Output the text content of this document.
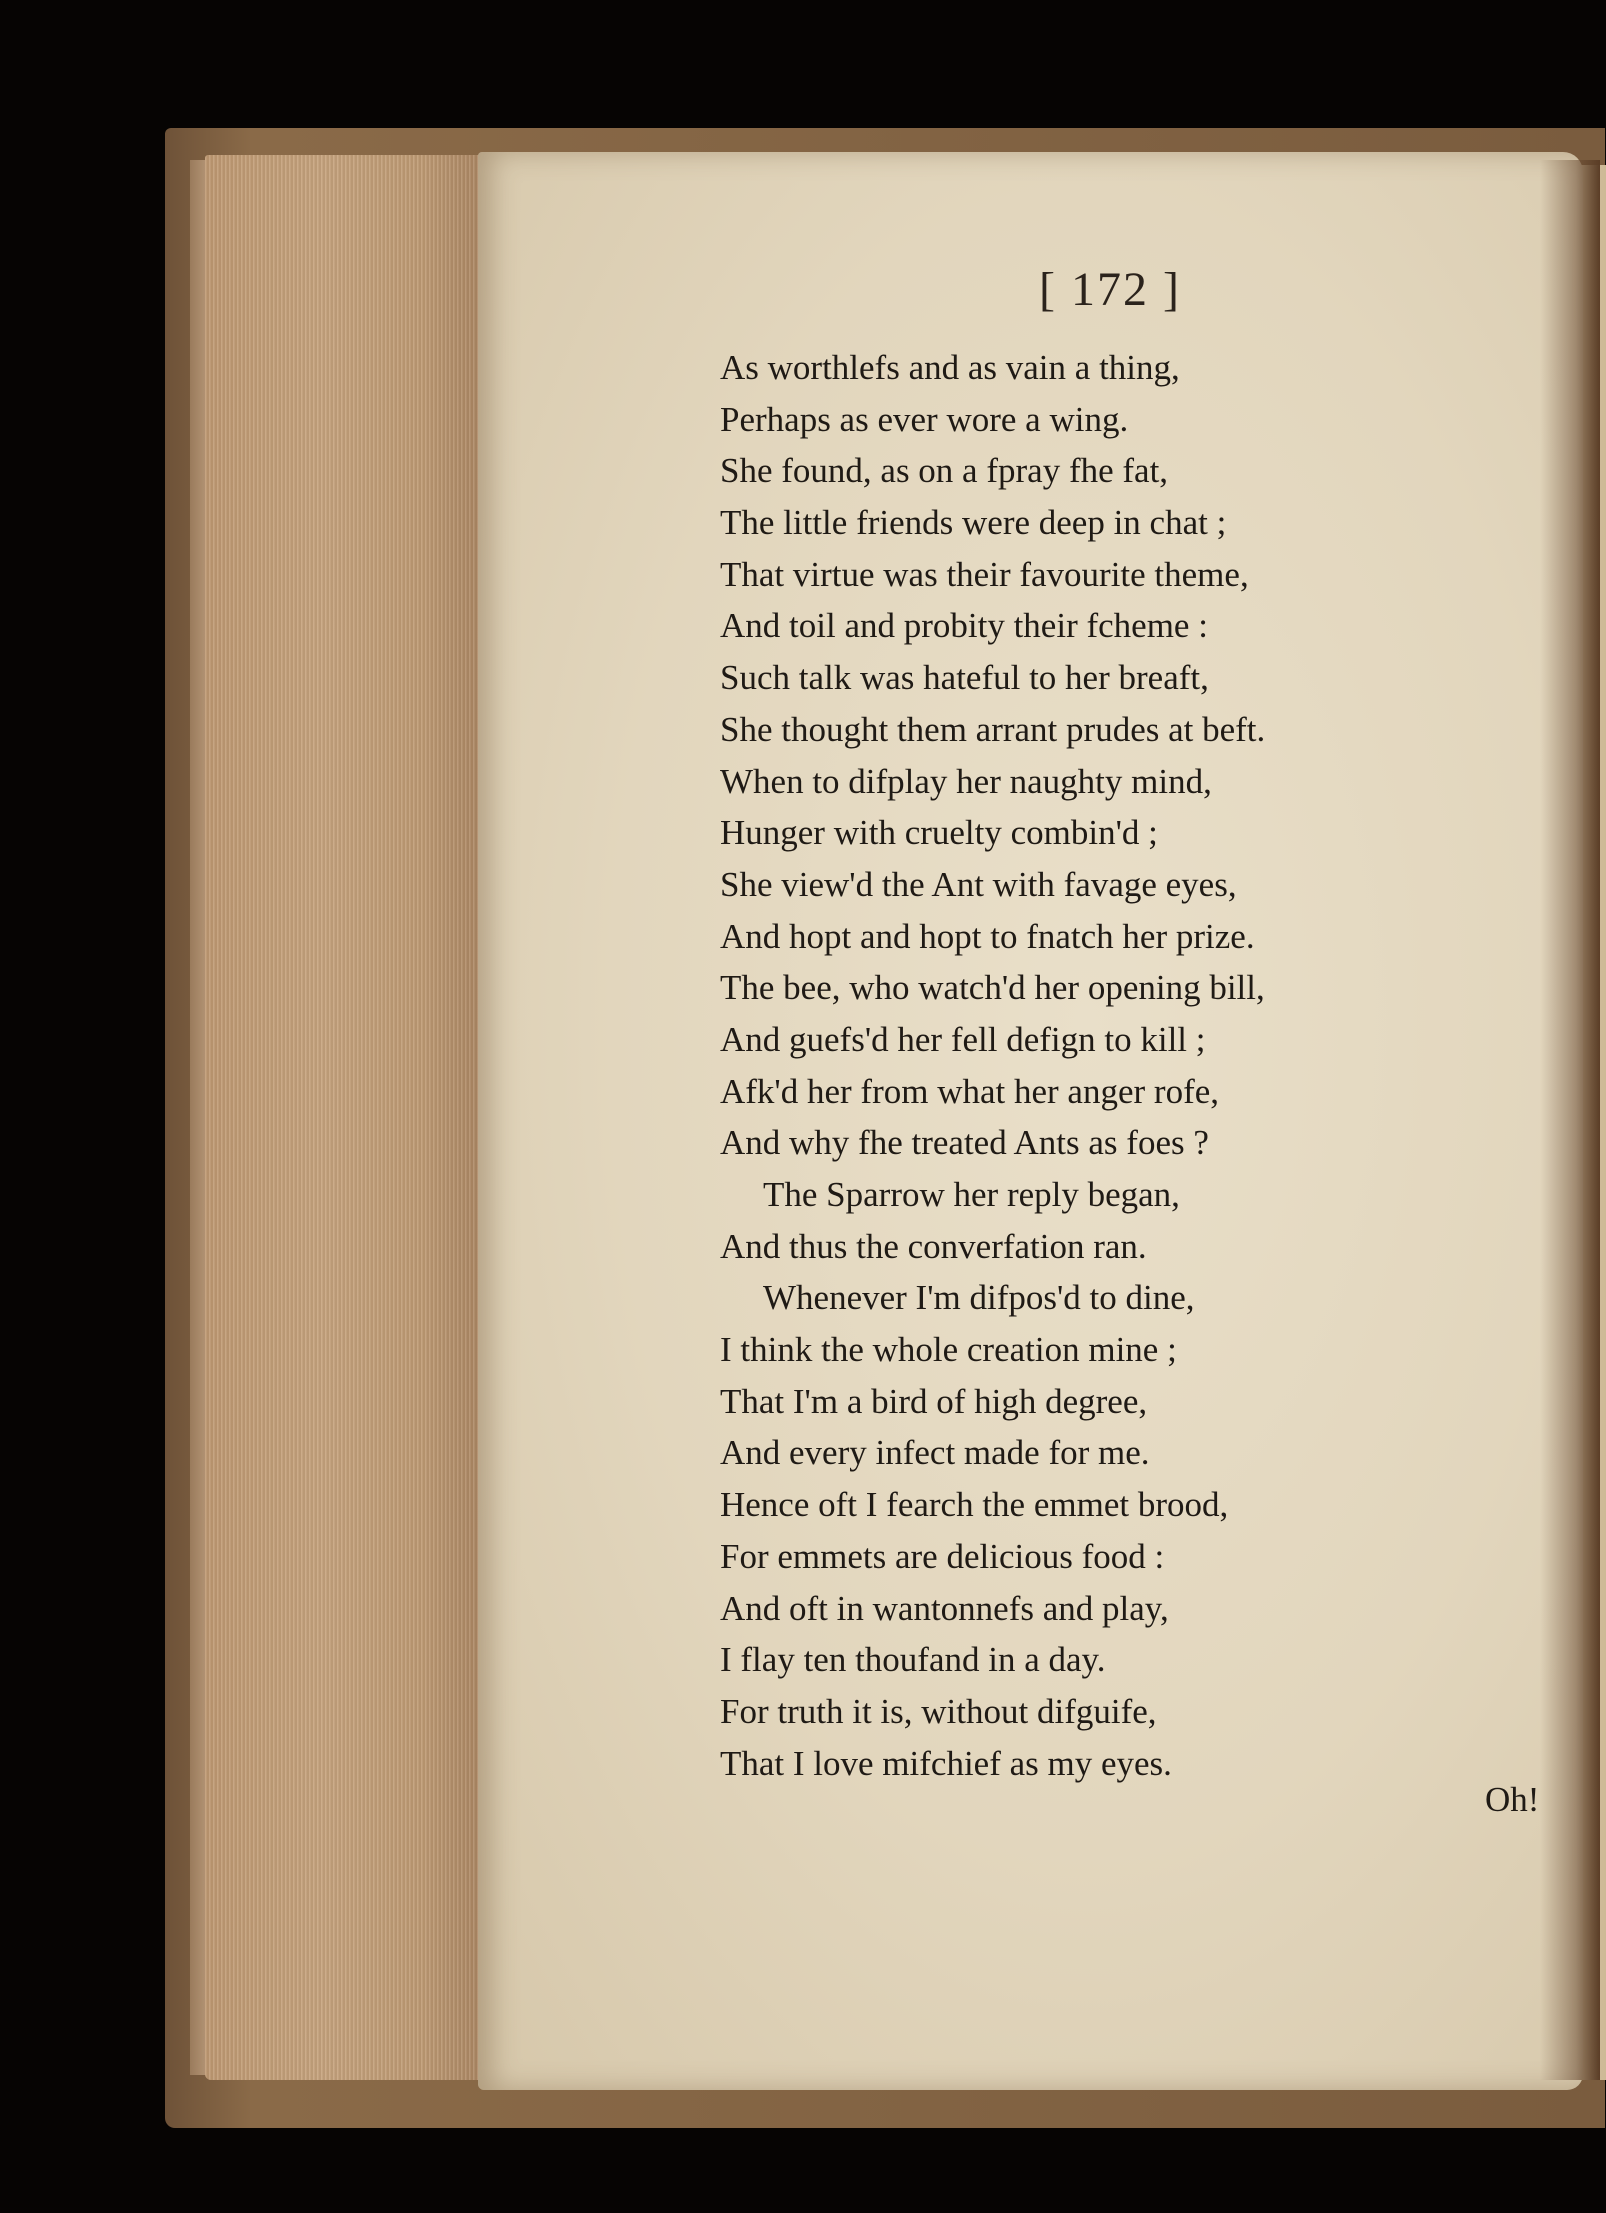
[ 172 ]
As worthlefs and as vain a thing,
Perhaps as ever wore a wing.
She found, as on a fpray fhe fat,
The little friends were deep in chat ;
That virtue was their favourite theme,
And toil and probity their fcheme :
Such talk was hateful to her breaft,
She thought them arrant prudes at beft.
When to difplay her naughty mind,
Hunger with cruelty combin'd ;
She view'd the Ant with favage eyes,
And hopt and hopt to fnatch her prize.
The bee, who watch'd her opening bill,
And guefs'd her fell defign to kill ;
Afk'd her from what her anger rofe,
And why fhe treated Ants as foes ?
The Sparrow her reply began,
And thus the converfation ran.
Whenever I'm difpos'd to dine,
I think the whole creation mine ;
That I'm a bird of high degree,
And every infect made for me.
Hence oft I fearch the emmet brood,
For emmets are delicious food :
And oft in wantonnefs and play,
I flay ten thoufand in a day.
For truth it is, without difguife,
That I love mifchief as my eyes.
Oh!
